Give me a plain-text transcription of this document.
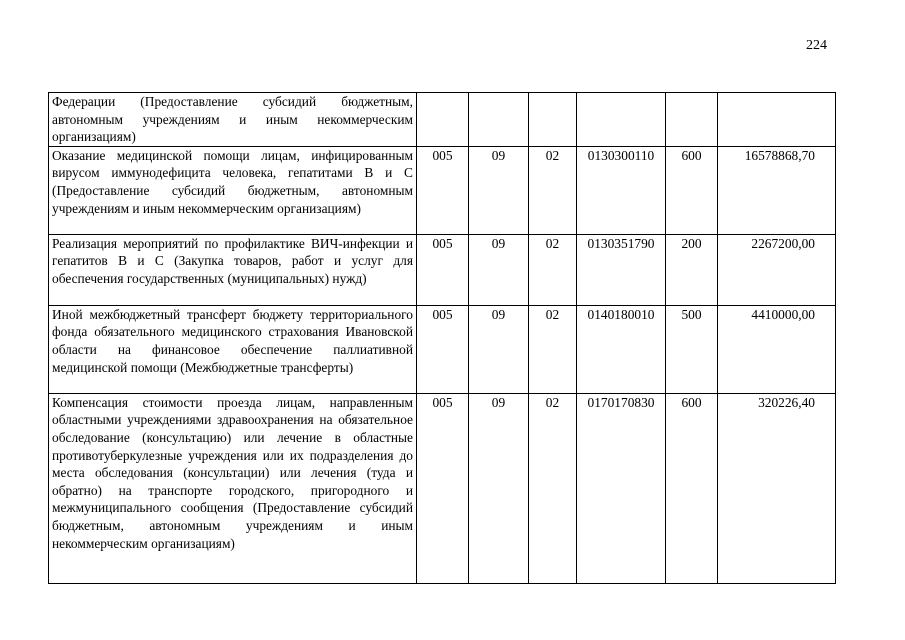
224
Федерации (Предоставление субсидий бюджетным, автономным учреждениям и иным некоммерческим организациям)						
Оказание медицинской помощи лицам, инфицированным вирусом иммунодефицита человека, гепатитами В и С (Предоставление субсидий бюджетным, автономным учреждениям и иным некоммерческим организациям)	005	09	02	0130300110	600	16578868,70
Реализация мероприятий по профилактике ВИЧ-инфекции и гепатитов В и С (Закупка товаров, работ и услуг для обеспечения государственных (муниципальных) нужд)	005	09	02	0130351790	200	2267200,00
Иной межбюджетный трансферт бюджету территориального фонда обязательного медицинского страхования Ивановской области на финансовое обеспечение паллиативной медицинской помощи (Межбюджетные трансферты)	005	09	02	0140180010	500	4410000,00
Компенсация стоимости проезда лицам, направленным областными учреждениями здравоохранения на обязательное обследование (консультацию) или лечение в областные противотуберкулезные учреждения или их подразделения до места обследования (консультации) или лечения (туда и обратно) на транспорте городского, пригородного и межмуниципального сообщения (Предоставление субсидий бюджетным, автономным учреждениям и иным некоммерческим организациям)	005	09	02	0170170830	600	320226,40
